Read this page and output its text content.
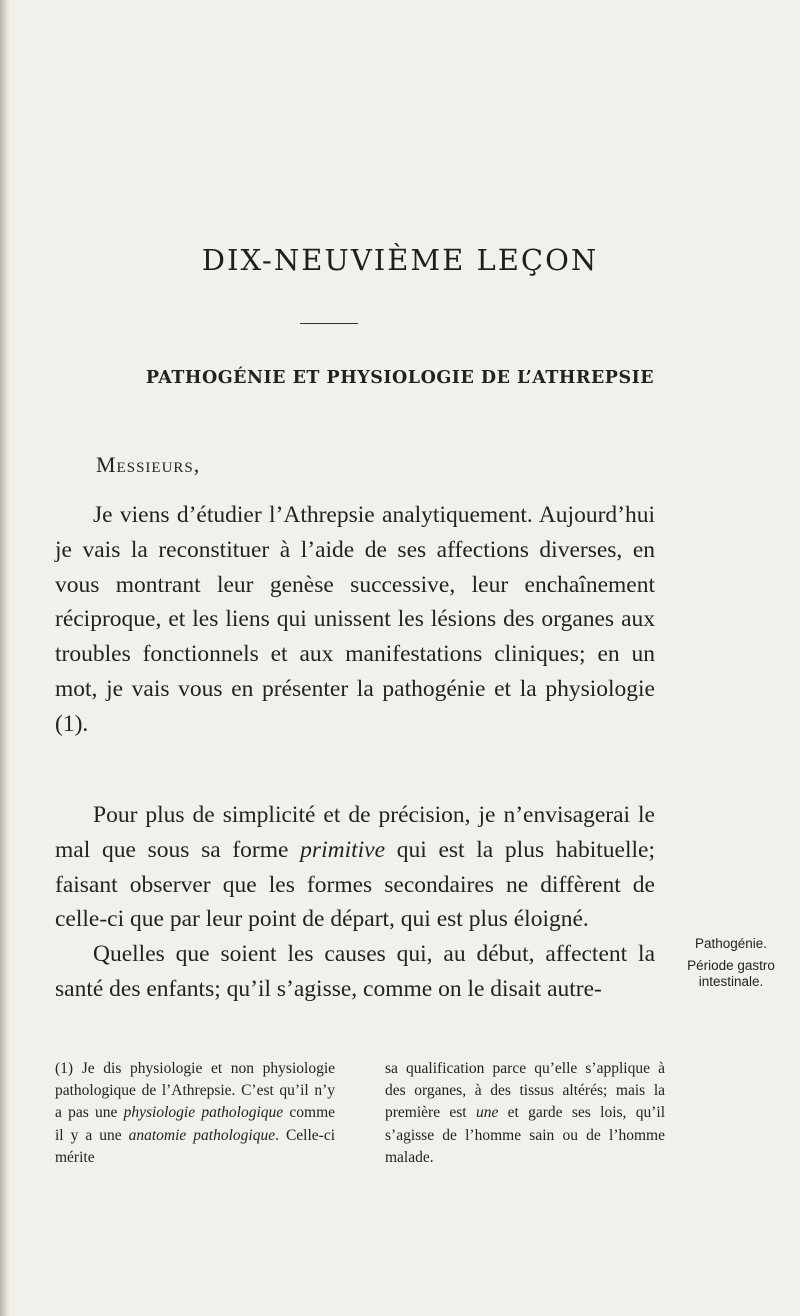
DIX-NEUVIÈME LEÇON
PATHOGÉNIE ET PHYSIOLOGIE DE L’ATHREPSIE
Messieurs,

Je viens d’étudier l’Athrepsie analytiquement. Aujourd’hui je vais la reconstituer à l’aide de ses affections diverses, en vous montrant leur genèse successive, leur enchaînement réciproque, et les liens qui unissent les lésions des organes aux troubles fonctionnels et aux manifestations cliniques; en un mot, je vais vous en présenter la pathogénie et la physiologie (1).

Pour plus de simplicité et de précision, je n’envisagerai le mal que sous sa forme primitive qui est la plus habituelle; faisant observer que les formes secondaires ne diffèrent de celle-ci que par leur point de départ, qui est plus éloigné.
Quelles que soient les causes qui, au début, affectent la santé des enfants; qu’il s’agisse, comme on le disait autre-

Pathogénie.
Période gastro intestinale.

(1) Je dis physiologie et non physiologie pathologique de l’Athrepsie. C’est qu’il n’y a pas une physiologie pathologique comme il y a une anatomie pathologique. Celle-ci mérite

sa qualification parce qu’elle s’applique à des organes, à des tissus altérés; mais la première est une et garde ses lois, qu’il s’agisse de l’homme sain ou de l’homme malade.
